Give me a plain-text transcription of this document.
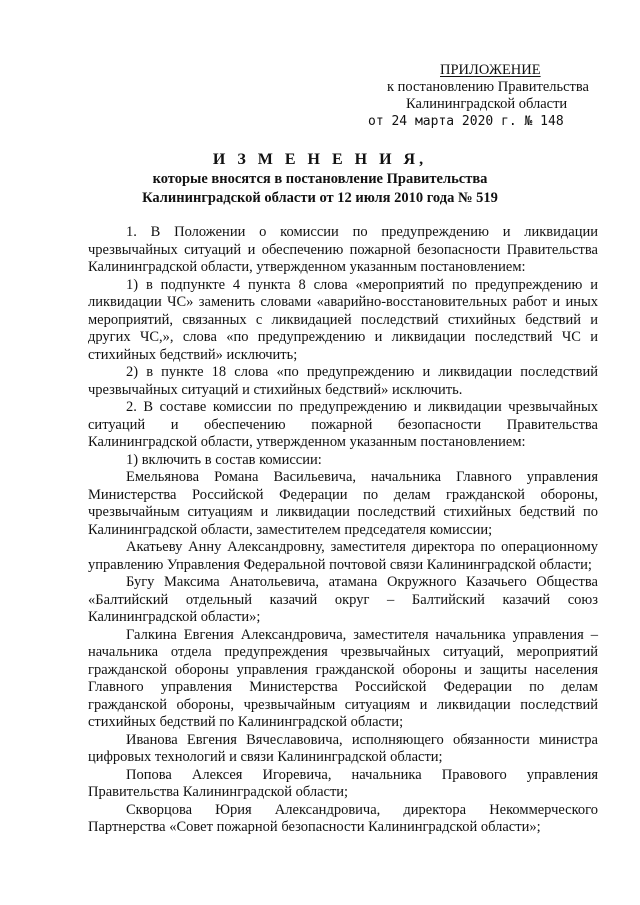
ПРИЛОЖЕНИЕ
к постановлению Правительства
Калининградской области
от 24 марта 2020 г. № 148
И З М Е Н Е Н И Я,
которые вносятся в постановление Правительства
Калининградской области от 12 июля 2010 года № 519

1. В Положении о комиссии по предупреждению и ликвидации чрезвычайных ситуаций и обеспечению пожарной безопасности Правительства Калининградской области, утвержденном указанным постановлением:

1) в подпункте 4 пункта 8 слова «мероприятий по предупреждению и ликвидации ЧС» заменить словами «аварийно-восстановительных работ и иных мероприятий, связанных с ликвидацией последствий стихийных бедствий и других ЧС,», слова «по предупреждению и ликвидации последствий ЧС и стихийных бедствий» исключить;

2) в пункте 18 слова «по предупреждению и ликвидации последствий чрезвычайных ситуаций и стихийных бедствий» исключить.

2. В составе комиссии по предупреждению и ликвидации чрезвычайных ситуаций и обеспечению пожарной безопасности Правительства Калининградской области, утвержденном указанным постановлением:

1) включить в состав комиссии:

Емельянова Романа Васильевича, начальника Главного управления Министерства Российской Федерации по делам гражданской обороны, чрезвычайным ситуациям и ликвидации последствий стихийных бедствий по Калининградской области, заместителем председателя комиссии;

Акатьеву Анну Александровну, заместителя директора по операционному управлению Управления Федеральной почтовой связи Калининградской области;

Бугу Максима Анатольевича, атамана Окружного Казачьего Общества «Балтийский отдельный казачий округ – Балтийский казачий союз Калининградской области»;

Галкина Евгения Александровича, заместителя начальника управления – начальника отдела предупреждения чрезвычайных ситуаций, мероприятий гражданской обороны управления гражданской обороны и защиты населения Главного управления Министерства Российской Федерации по делам гражданской обороны, чрезвычайным ситуациям и ликвидации последствий стихийных бедствий по Калининградской области;

Иванова Евгения Вячеславовича, исполняющего обязанности министра цифровых технологий и связи Калининградской области;

Попова Алексея Игоревича, начальника Правового управления Правительства Калининградской области;

Скворцова Юрия Александровича, директора Некоммерческого Партнерства «Совет пожарной безопасности Калининградской области»;
